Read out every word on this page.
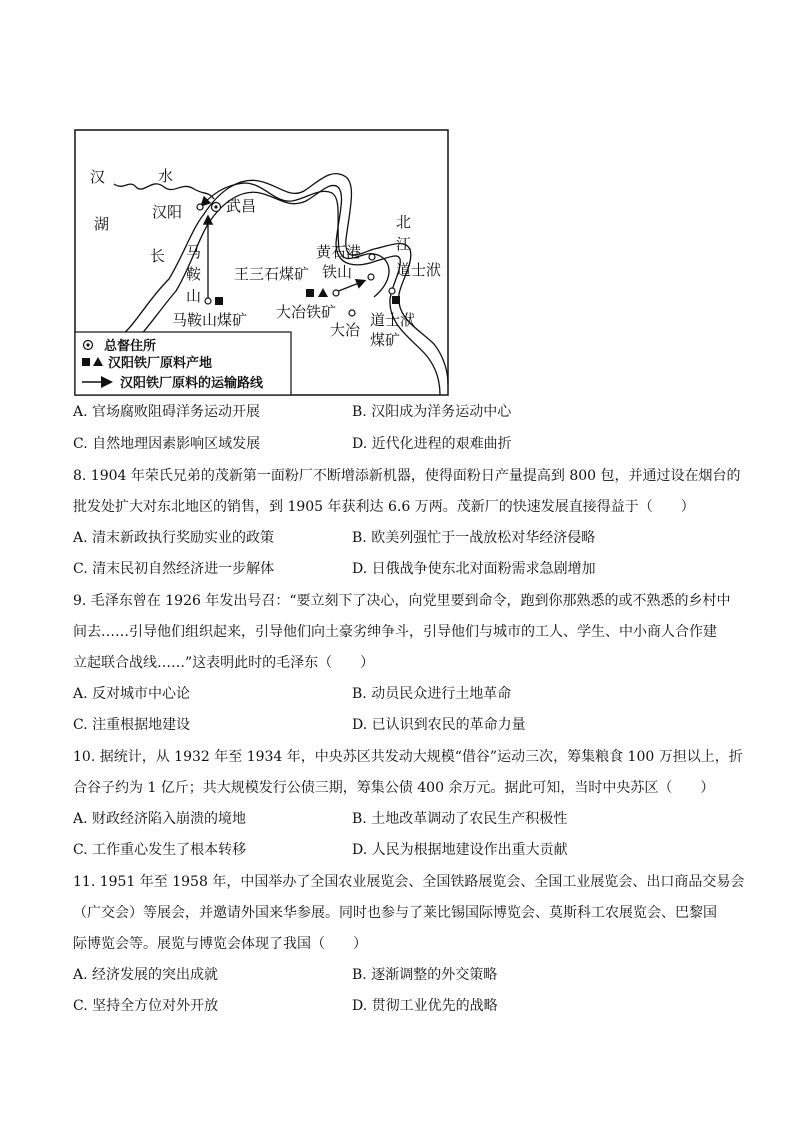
汉	水
湖
汉阳	武昌
长 马
鞍
山
马鞍山煤矿
黄石港
铁山
王三石煤矿
大冶铁矿
大冶
北
江
道士洑
道士洑
煤矿
总督住所
汉阳铁厂原料产地
汉阳铁厂原料的运输路线
A. 官场腐败阻碍洋务运动开展	B. 汉阳成为洋务运动中心
C. 自然地理因素影响区域发展	D. 近代化进程的艰难曲折
8. 1904 年荣氏兄弟的茂新第一面粉厂不断增添新机器，使得面粉日产量提高到 800 包，并通过设在烟台的
批发处扩大对东北地区的销售，到 1905 年获利达 6.6 万两。茂新厂的快速发展直接得益于（　　）
A. 清末新政执行奖励实业的政策	B. 欧美列强忙于一战放松对华经济侵略
C. 清末民初自然经济进一步解体	D. 日俄战争使东北对面粉需求急剧增加
9. 毛泽东曾在 1926 年发出号召：“要立刻下了决心，向党里要到命令，跑到你那熟悉的或不熟悉的乡村中
间去……引导他们组织起来，引导他们向土豪劣绅争斗，引导他们与城市的工人、学生、中小商人合作建
立起联合战线……”这表明此时的毛泽东（　　）
A. 反对城市中心论	B. 动员民众进行土地革命
C. 注重根据地建设	D. 已认识到农民的革命力量
10. 据统计，从 1932 年至 1934 年，中央苏区共发动大规模“借谷”运动三次，筹集粮食 100 万担以上，折
合谷子约为 1 亿斤；共大规模发行公债三期，筹集公债 400 余万元。据此可知，当时中央苏区（　　）
A. 财政经济陷入崩溃的境地	B. 土地改革调动了农民生产积极性
C. 工作重心发生了根本转移	D. 人民为根据地建设作出重大贡献
11. 1951 年至 1958 年，中国举办了全国农业展览会、全国铁路展览会、全国工业展览会、出口商品交易会
（广交会）等展会，并邀请外国来华参展。同时也参与了莱比锡国际博览会、莫斯科工农展览会、巴黎国
际博览会等。展览与博览会体现了我国（　　）
A. 经济发展的突出成就	B. 逐渐调整的外交策略
C. 坚持全方位对外开放	D. 贯彻工业优先的战略
